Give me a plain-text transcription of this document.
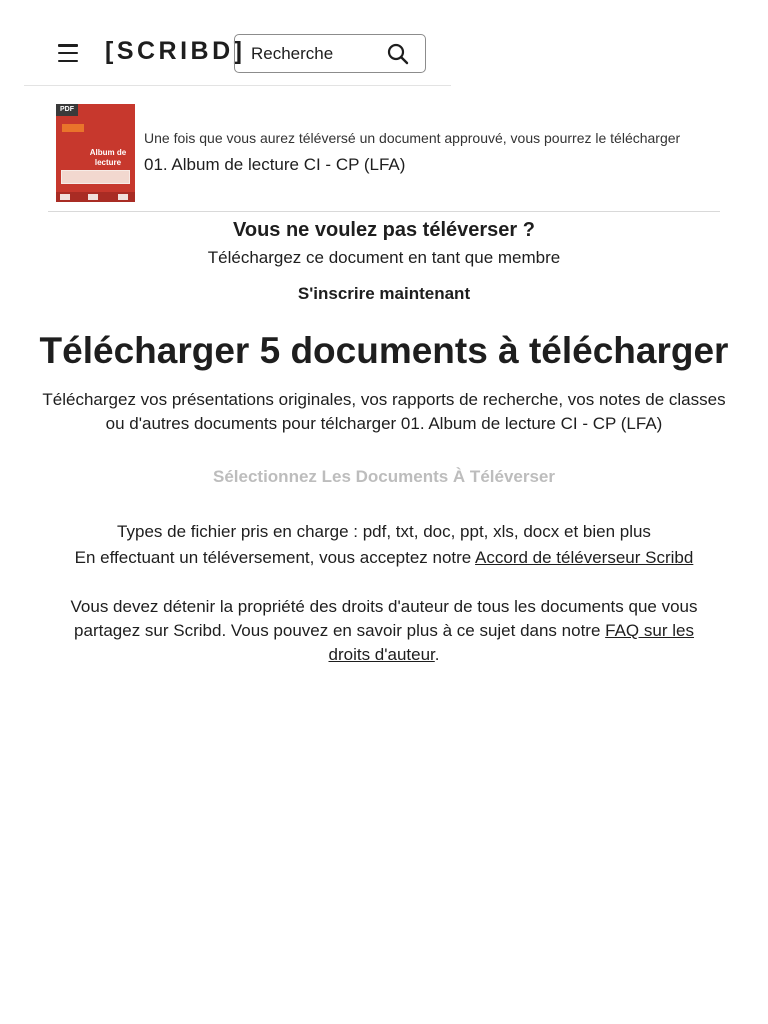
[SCRIBD]
Recherche
PDF
Album de lecture
Une fois que vous aurez téléversé un document approuvé, vous pourrez le télécharger
01. Album de lecture CI - CP (LFA)
Vous ne voulez pas téléverser ?
Téléchargez ce document en tant que membre
S'inscrire maintenant
Télécharger 5 documents à télécharger
Téléchargez vos présentations originales, vos rapports de recherche, vos notes de classes ou d'autres documents pour télcharger 01. Album de lecture CI - CP (LFA)
Sélectionnez Les Documents À Téléverser
Types de fichier pris en charge : pdf, txt, doc, ppt, xls, docx et bien plus
En effectuant un téléversement, vous acceptez notre Accord de téléverseur Scribd
Vous devez détenir la propriété des droits d'auteur de tous les documents que vous partagez sur Scribd. Vous pouvez en savoir plus à ce sujet dans notre FAQ sur les droits d'auteur.
